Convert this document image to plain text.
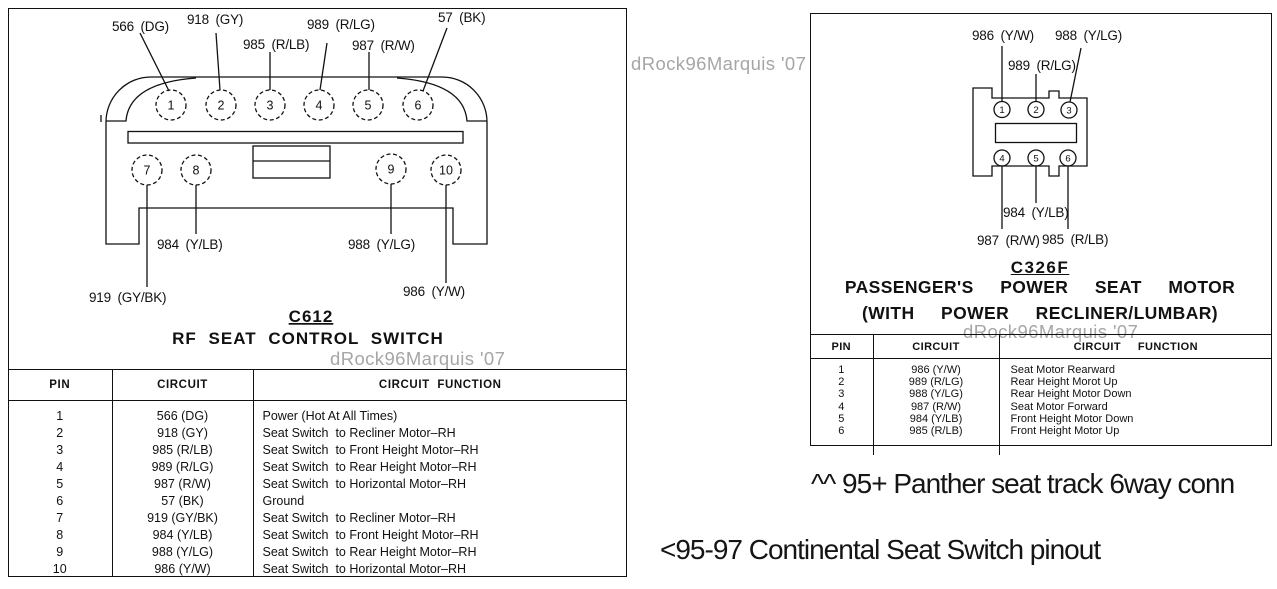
1	2	3	4	5	6
7	8	9	10
566 (DG) 918 (GY)
985 (R/LB)
989 (R/LG)
987 (R/W)
57 (BK)
984 (Y/LB)	988 (Y/LG)
919 (GY/BK)	986 (Y/W)
C612
RF SEAT CONTROL SWITCH
dRock96Marquis '07
PIN	CIRCUIT	CIRCUIT  FUNCTION
1	566 (DG)	Power (Hot At All Times)
2	918 (GY)	Seat Switch  to Recliner Motor–RH
3	985 (R/LB)	Seat Switch  to Front Height Motor–RH
4	989 (R/LG)	Seat Switch  to Rear Height Motor–RH
5	987 (R/W)	Seat Switch  to Horizontal Motor–RH
6	57 (BK)	Ground
7	919 (GY/BK)	Seat Switch  to Recliner Motor–RH
8	984 (Y/LB)	Seat Switch  to Front Height Motor–RH
9	988 (Y/LG)	Seat Switch  to Rear Height Motor–RH
10	986 (Y/W)	Seat Switch  to Horizontal Motor–RH
dRock96Marquis '07
1	2	3
4	5	6
986 (Y/W) 988 (Y/LG)
989 (R/LG)
984 (Y/LB)
987 (R/W) 985 (R/LB)
C326F
PASSENGER'S  POWER  SEAT  MOTOR
(WITH  POWER  RECLINER/LUMBAR)
dRock96Marquis '07
PIN	CIRCUIT	CIRCUIT  FUNCTION
1	986 (Y/W)	Seat Motor Rearward
2	989 (R/LG)	Rear Height Morot Up
3	988 (Y/LG)	Rear Height Motor Down
4	987 (R/W)	Seat Motor Forward
5	984 (Y/LB)	Front Height Motor Down
6	985 (R/LB)	Front Height Motor Up

^^ 95+ Panther seat track 6way conn
<95-97 Continental Seat Switch pinout
